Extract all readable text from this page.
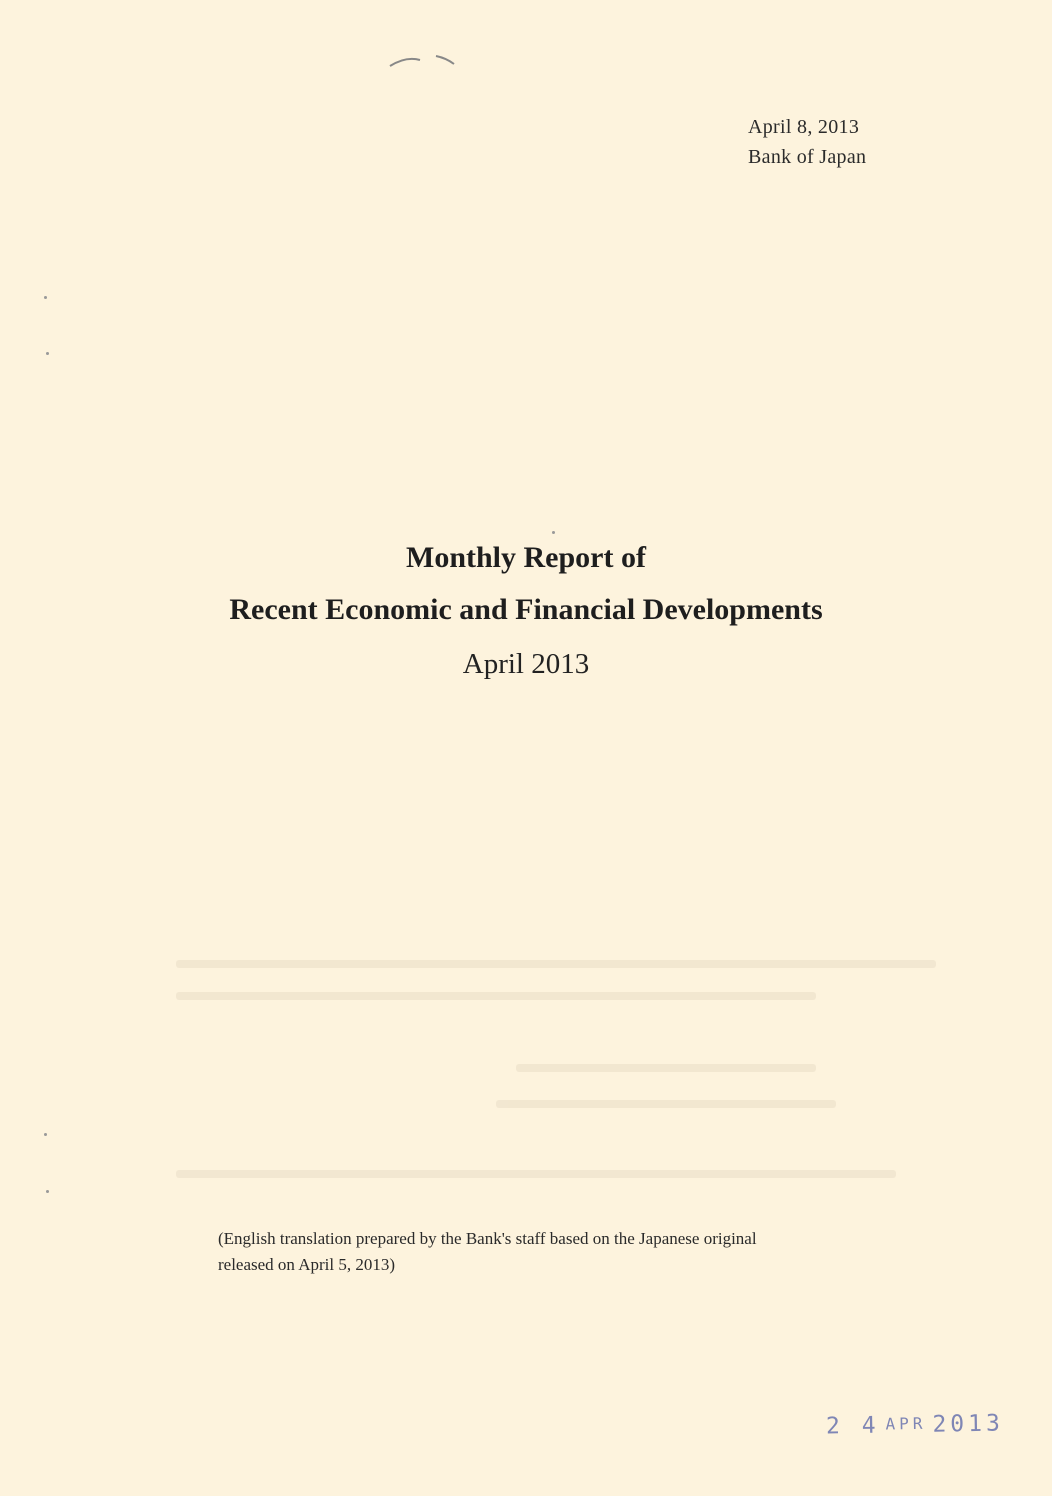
April 8, 2013
Bank of Japan
Monthly Report of
Recent Economic and Financial Developments
April 2013
(English translation prepared by the Bank's staff based on the Japanese original
released on April 5, 2013)
2 4 APR 2013
